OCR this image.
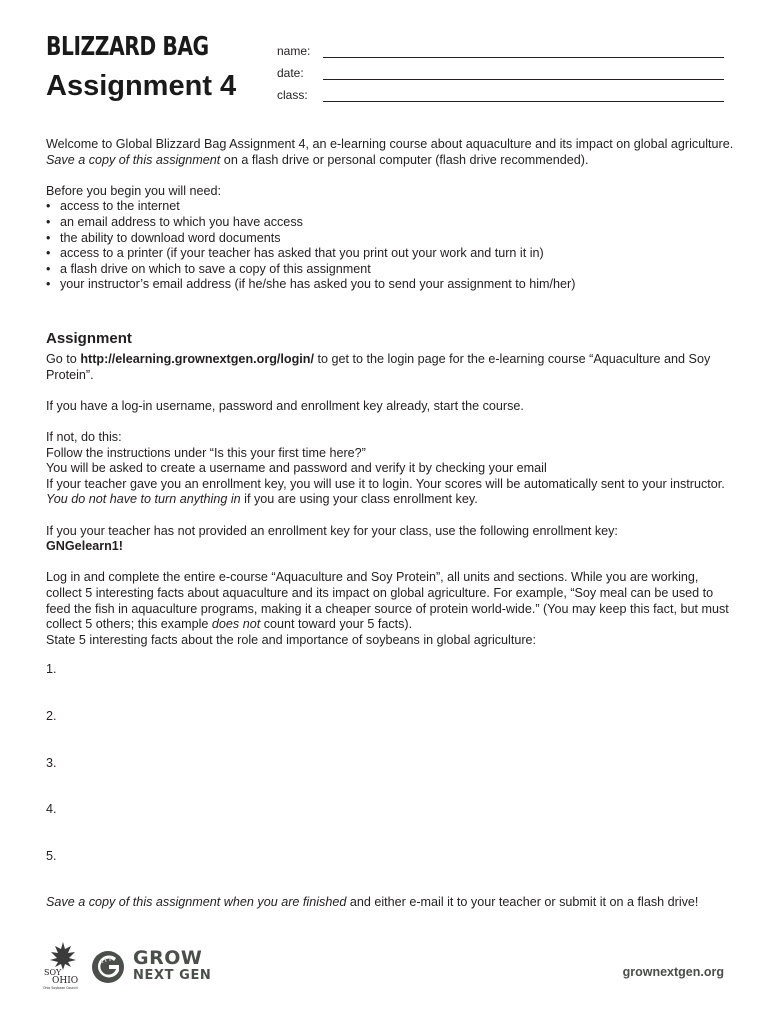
BLIZZARD BAG
Assignment 4
name:
date:
class:

Welcome to Global Blizzard Bag Assignment 4, an e-learning course about aquaculture and its impact on global agriculture. Save a copy of this assignment on a flash drive or personal computer (flash drive recommended).

Before you begin you will need:

• access to the internet
• an email address to which you have access
• the ability to download word documents
• access to a printer (if your teacher has asked that you print out your work and turn it in)
• a flash drive on which to save a copy of this assignment
• your instructor’s email address (if he/she has asked you to send your assignment to him/her)
Assignment

Go to http://elearning.grownextgen.org/login/ to get to the login page for the e-learning course “Aquaculture and Soy Protein”.

If you have a log-in username, password and enrollment key already, start the course.

If not, do this:

Follow the instructions under “Is this your first time here?”

You will be asked to create a username and password and verify it by checking your email

If your teacher gave you an enrollment key, you will use it to login. Your scores will be automatically sent to your instructor. You do not have to turn anything in if you are using your class enrollment key.

If you your teacher has not provided an enrollment key for your class, use the following enrollment key:

GNGelearn1!

Log in and complete the entire e-course “Aquaculture and Soy Protein”, all units and sections. While you are working, collect 5 interesting facts about aquaculture and its impact on global agriculture. For example, “Soy meal can be used to feed the fish in aquaculture programs, making it a cheaper source of protein world-wide.” (You may keep this fact, but must collect 5 others; this example does not count toward your 5 facts).

State 5 interesting facts about the role and importance of soybeans in global agriculture:

1.
2.
3.
4.
5.

Save a copy of this assignment when you are finished and either e-mail it to your teacher or submit it on a flash drive!

SOY
OHIO
Ohio Soybean Council
GROW
NEXT GEN	grownextgen.org
